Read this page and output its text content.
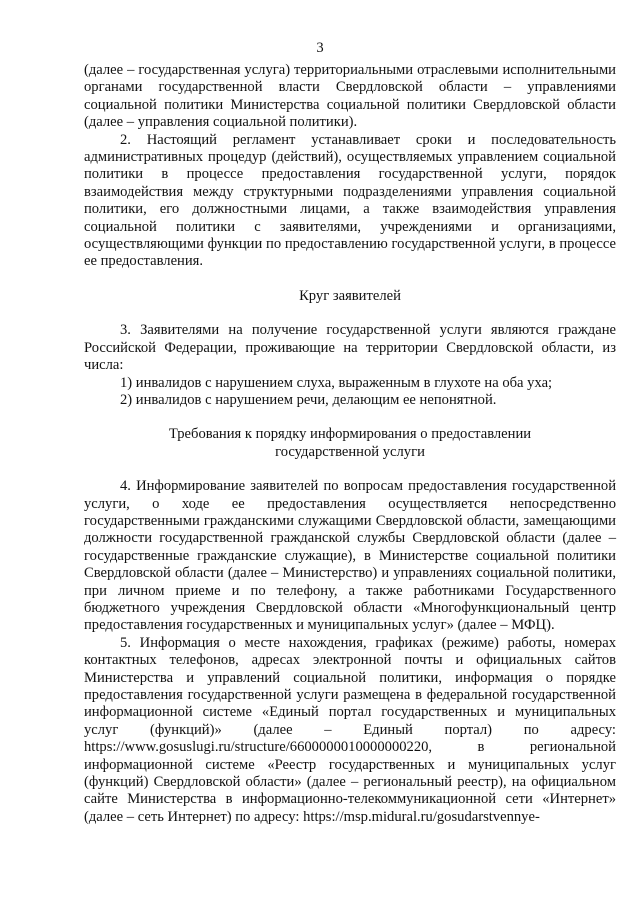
3

(далее – государственная услуга) территориальными отраслевыми исполнительными органами государственной власти Свердловской области – управлениями социальной политики Министерства социальной политики Свердловской области (далее – управления социальной политики).

2. Настоящий регламент устанавливает сроки и последовательность административных процедур (действий), осуществляемых управлением социальной политики в процессе предоставления государственной услуги, порядок взаимодействия между структурными подразделениями управления социальной политики, его должностными лицами, а также взаимодействия управления социальной политики с заявителями, учреждениями и организациями, осуществляющими функции по предоставлению государственной услуги, в процессе ее предоставления.

Круг заявителей

3. Заявителями на получение государственной услуги являются граждане Российской Федерации, проживающие на территории Свердловской области, из числа:

1) инвалидов с нарушением слуха, выраженным в глухоте на оба уха;

2) инвалидов с нарушением речи, делающим ее непонятной.

Требования к порядку информирования о предоставлении
государственной услуги

4. Информирование заявителей по вопросам предоставления государственной услуги, о ходе ее предоставления осуществляется непосредственно государственными гражданскими служащими Свердловской области, замещающими должности государственной гражданской службы Свердловской области (далее – государственные гражданские служащие), в Министерстве социальной политики Свердловской области (далее – Министерство) и управлениях социальной политики, при личном приеме и по телефону, а также работниками Государственного бюджетного учреждения Свердловской области «Многофункциональный центр предоставления государственных и муниципальных услуг» (далее – МФЦ).

5. Информация о месте нахождения, графиках (режиме) работы, номерах контактных телефонов, адресах электронной почты и официальных сайтов Министерства и управлений социальной политики, информация о порядке предоставления государственной услуги размещена в федеральной государственной информационной системе «Единый портал государственных и муниципальных услуг (функций)» (далее – Единый портал) по адресу: https://www.gosuslugi.ru/structure/6600000010000000220, в региональной информационной системе «Реестр государственных и муниципальных услуг (функций) Свердловской области» (далее – региональный реестр), на официальном сайте Министерства в информационно-телекоммуникационной сети «Интернет» (далее – сеть Интернет) по адресу: https://msp.midural.ru/gosudarstvennye-
